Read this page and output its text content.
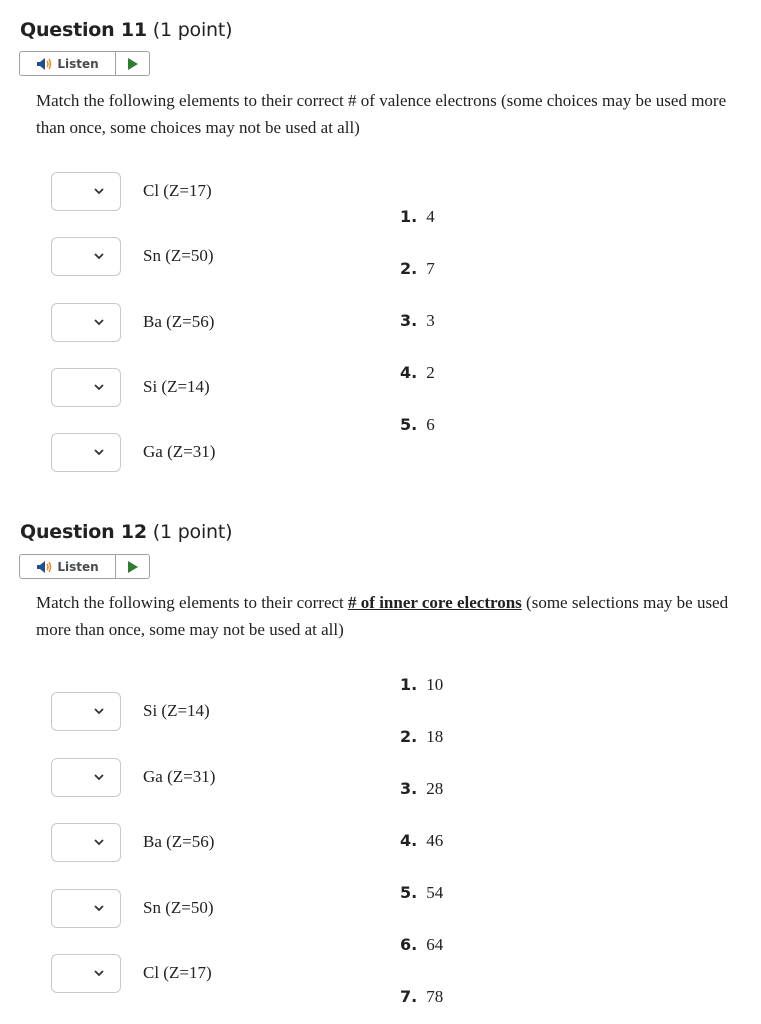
Question 11 (1 point)
Listen
Match the following elements to their correct # of valence electrons (some choices may be used more than once, some choices may not be used at all)
Cl (Z=17)
Sn (Z=50)
Ba (Z=56)
Si (Z=14)
Ga (Z=31)
1. 4
2. 7
3. 3
4. 2
5. 6
Question 12 (1 point)
Listen
Match the following elements to their correct # of inner core electrons (some selections may be used more than once, some may not be used at all)
Si (Z=14)
Ga (Z=31)
Ba (Z=56)
Sn (Z=50)
Cl (Z=17)
1. 10
2. 18
3. 28
4. 46
5. 54
6. 64
7. 78
